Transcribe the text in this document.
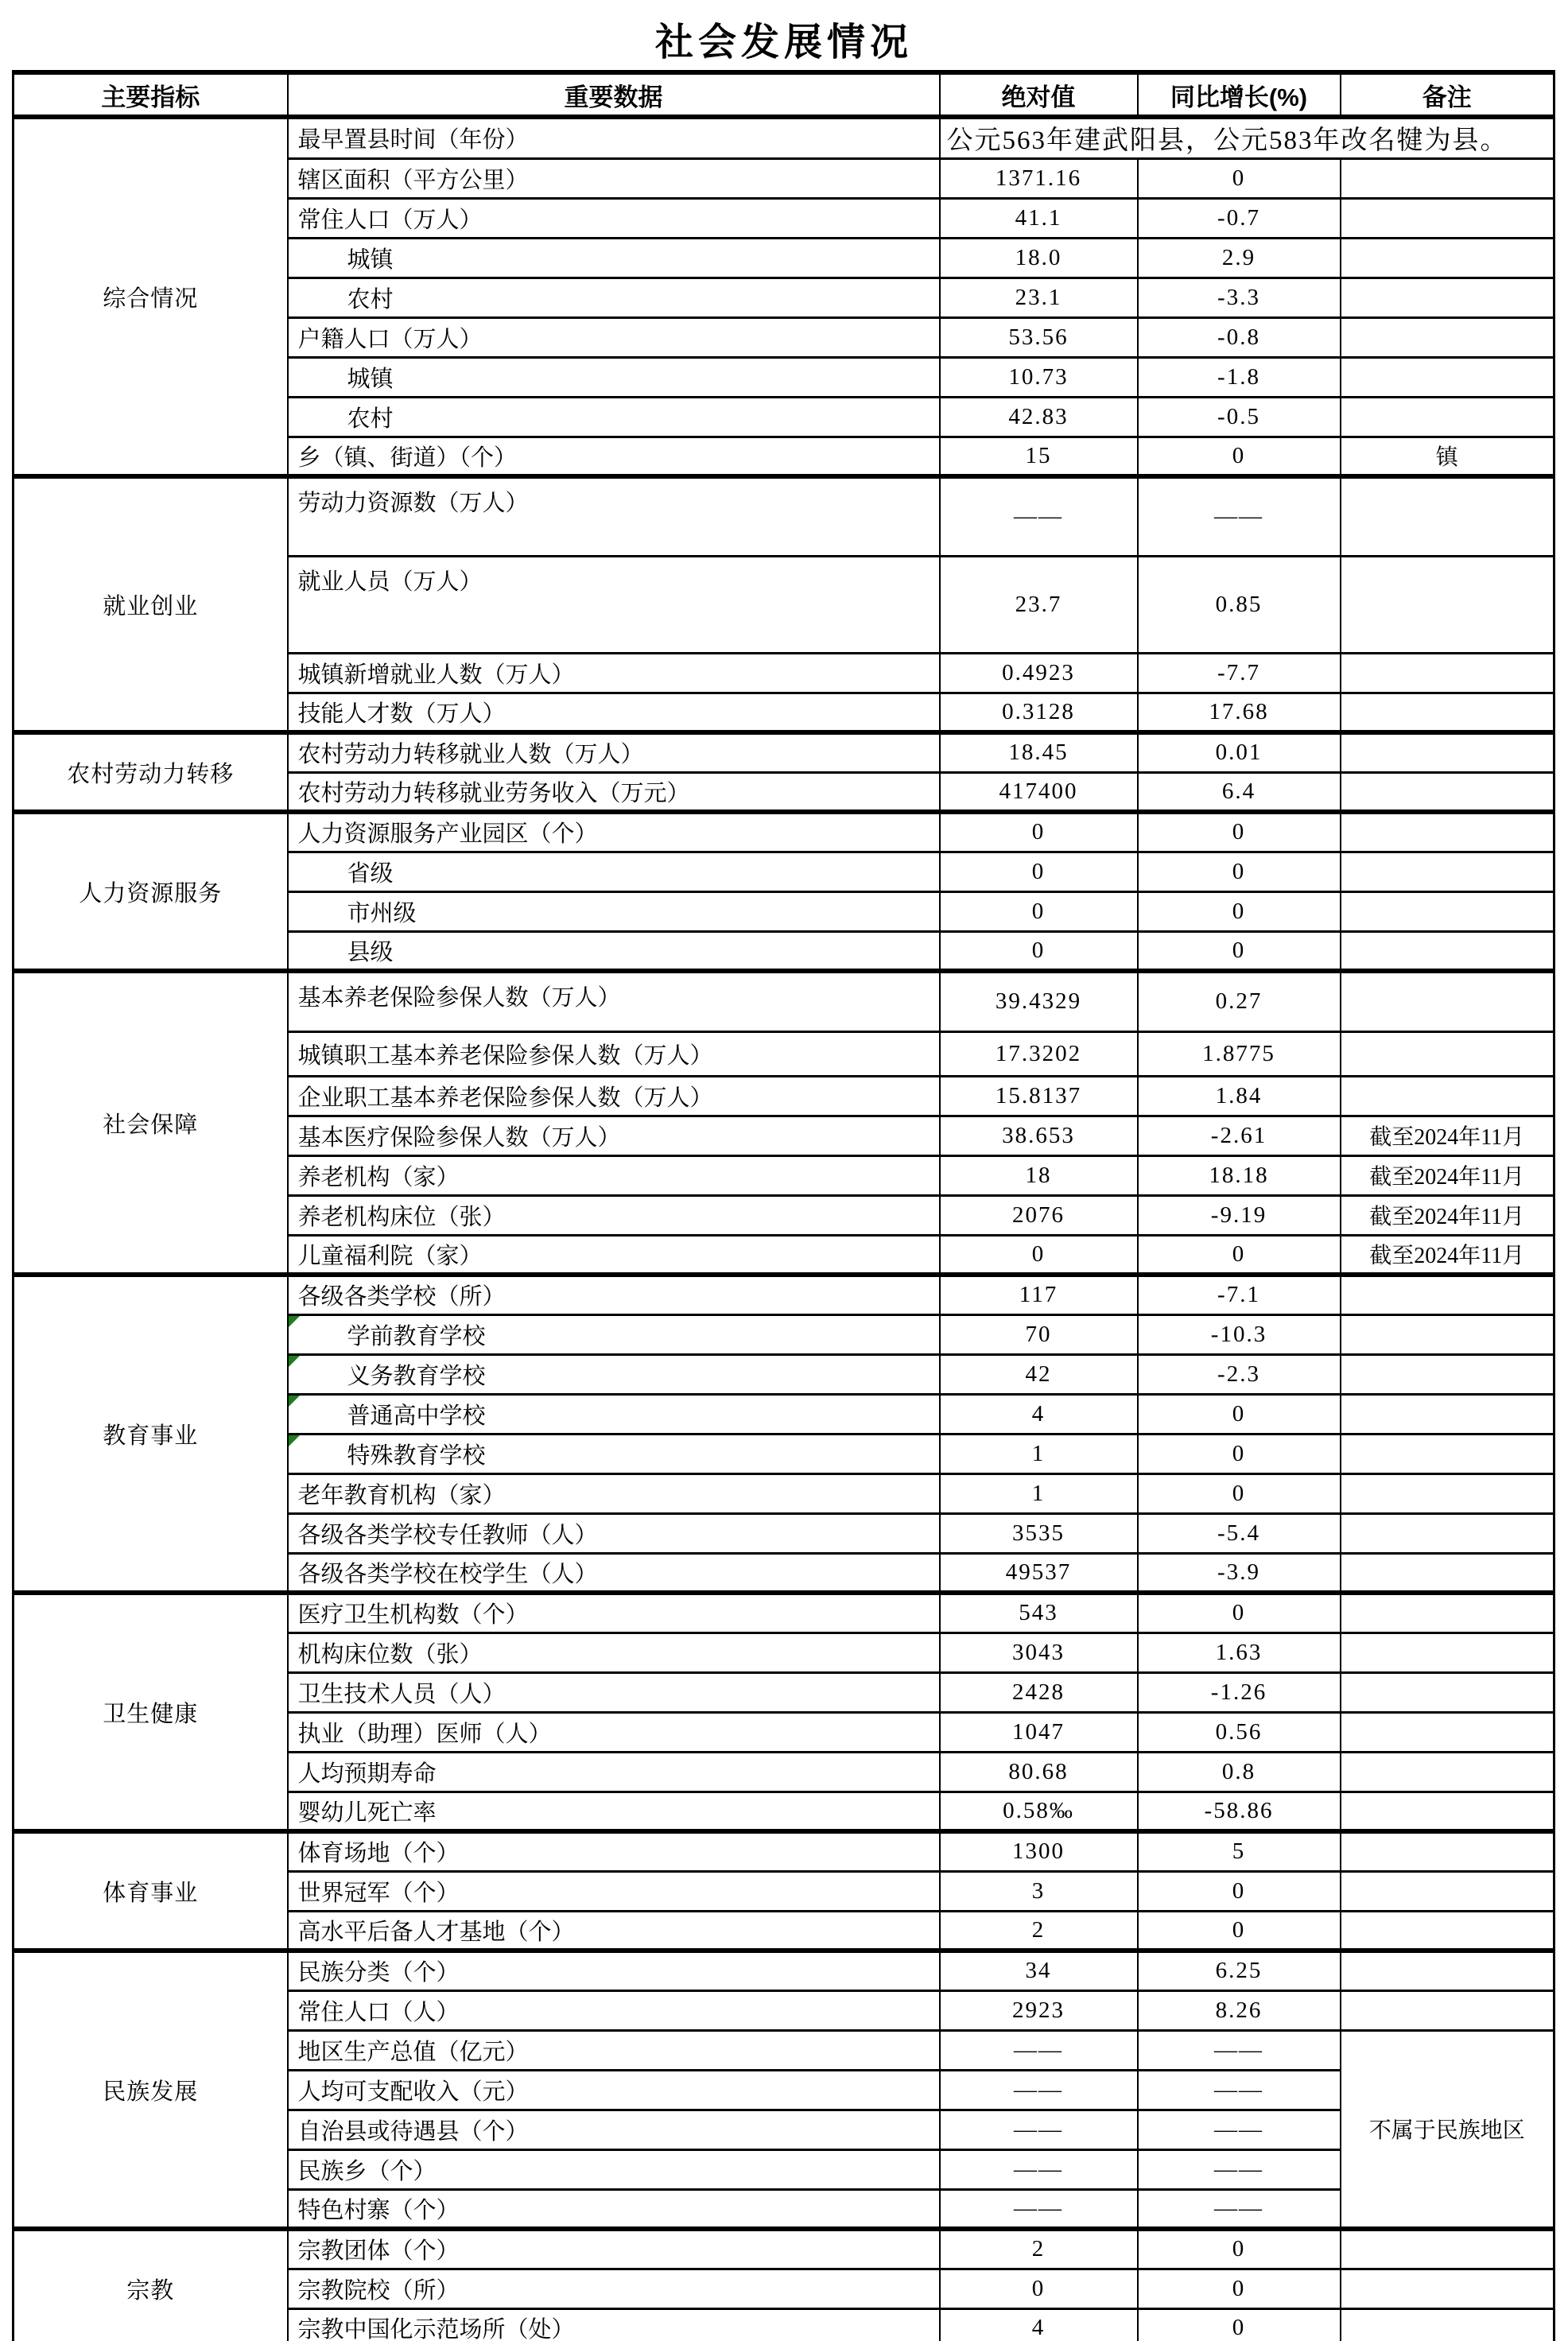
社会发展情况
主要指标	重要数据	绝对值	同比增长(%)	备注
综合情况	最早置县时间（年份）	公元563年建武阳县，公元583年改名犍为县。		
	辖区面积（平方公里）	1371.16	0	
	常住人口（万人）	41.1	-0.7	
	城镇	18.0	2.9	
	农村	23.1	-3.3	
	户籍人口（万人）	53.56	-0.8	
	城镇	10.73	-1.8	
	农村	42.83	-0.5	
	乡（镇、街道）（个）	15	0	镇
就业创业	劳动力资源数（万人）	——	——	
	就业人员（万人）	23.7	0.85	
	城镇新增就业人数（万人）	0.4923	-7.7	
	技能人才数（万人）	0.3128	17.68	
农村劳动力转移	农村劳动力转移就业人数（万人）	18.45	0.01	
	农村劳动力转移就业劳务收入（万元）	417400	6.4	
人力资源服务	人力资源服务产业园区（个）	0	0	
	省级	0	0	
	市州级	0	0	
	县级	0	0	
社会保障	基本养老保险参保人数（万人）	39.4329	0.27	
	城镇职工基本养老保险参保人数（万人）	17.3202	1.8775	
	企业职工基本养老保险参保人数（万人）	15.8137	1.84	
	基本医疗保险参保人数（万人）	38.653	-2.61	截至2024年11月
	养老机构（家）	18	18.18	截至2024年11月
	养老机构床位（张）	2076	-9.19	截至2024年11月
	儿童福利院（家）	0	0	截至2024年11月
教育事业	各级各类学校（所）	117	-7.1	
	学前教育学校	70	-10.3	
	义务教育学校	42	-2.3	
	普通高中学校	4	0	
	特殊教育学校	1	0	
	老年教育机构（家）	1	0	
	各级各类学校专任教师（人）	3535	-5.4	
	各级各类学校在校学生（人）	49537	-3.9	
卫生健康	医疗卫生机构数（个）	543	0	
	机构床位数（张）	3043	1.63	
	卫生技术人员（人）	2428	-1.26	
	执业（助理）医师（人）	1047	0.56	
	人均预期寿命	80.68	0.8	
	婴幼儿死亡率	0.58‰	-58.86	
体育事业	体育场地（个）	1300	5	
	世界冠军（个）	3	0	
	高水平后备人才基地（个）	2	0	
民族发展	民族分类（个）	34	6.25	
	常住人口（人）	2923	8.26	
	地区生产总值（亿元）	——	——	不属于民族地区
	人均可支配收入（元）	——	——	
	自治县或待遇县（个）	——	——	
	民族乡（个）	——	——	
	特色村寨（个）	——	——	
宗教	宗教团体（个）	2	0	
	宗教院校（所）	0	0	
	宗教中国化示范场所（处）	4	0	
